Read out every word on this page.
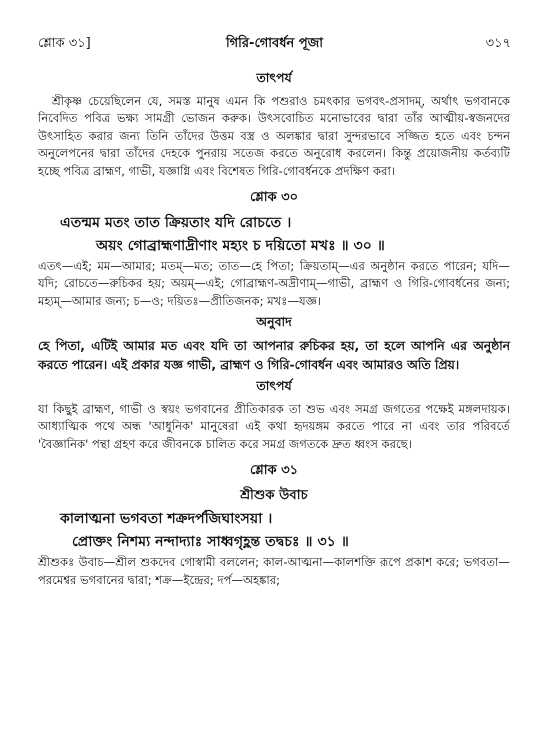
শ্লোক ৩১]	গিরি-গোবর্ধন পূজা	৩১৭
তাৎপর্য

শ্রীকৃষ্ণ চেয়েছিলেন যে, সমস্ত মানুষ এমন কি পশুরাও চমৎকার ভগবৎ-প্রসাদম্, অর্থাৎ ভগবানকে নিবেদিত পবিত্র ভক্ষ্য সামগ্রী ভোজন করুক। উৎসবোচিত মনোভাবের দ্বারা তাঁর আত্মীয়-স্বজনদের উৎসাহিত করার জন্য তিনি তাঁদের উত্তম বস্ত্র ও অলঙ্কার দ্বারা সুন্দরভাবে সজ্জিত হতে এবং চন্দন অনুলেপনের দ্বারা তাঁদের দেহকে পুনরায় সতেজ করতে অনুরোধ করলেন। কিন্তু প্রয়োজনীয় কর্তব্যটি হচ্ছে পবিত্র ব্রাহ্মণ, গাভী, যজ্ঞাগ্নি এবং বিশেষত গিরি-গোবর্ধনকে প্রদক্ষিণ করা।

শ্লোক ৩০
এতন্মম মতং তাত ক্রিয়তাং যদি রোচতে ।
অয়ং গোব্রাহ্মণাদ্রীণাং মহ্যং চ দয়িতো মখঃ ॥ ৩০ ॥

এতৎ—এই; মম—আমার; মতম্—মত; তাত—হে পিতা; ক্রিয়তাম্—এর অনুষ্ঠান করতে পারেন; যদি—যদি; রোচতে—রুচিকর হয়; অয়ম্—এই; গোব্রাহ্মণ-অদ্রীণাম্—গাভী, ব্রাহ্মণ ও গিরি-গোবর্ধনের জন্য; মহ্যম্—আমার জন্য; চ—ও; দয়িতঃ—প্রীতিজনক; মখঃ—যজ্ঞ।

অনুবাদ

হে পিতা, এটিই আমার মত এবং যদি তা আপনার রুচিকর হয়, তা হলে আপনি এর অনুষ্ঠান করতে পারেন। এই প্রকার যজ্ঞ গাভী, ব্রাহ্মণ ও গিরি-গোবর্ধন এবং আমারও অতি প্রিয়।

তাৎপর্য

যা কিছুই ব্রাহ্মণ, গাভী ও স্বয়ং ভগবানের প্রীতিকারক তা শুভ এবং সমগ্র জগতের পক্ষেই মঙ্গলদায়ক। আধ্যাত্মিক পথে অন্ধ 'আধুনিক' মানুষেরা এই কথা হৃদয়ঙ্গম করতে পারে না এবং তার পরিবর্তে 'বৈজ্ঞানিক' পন্থা গ্রহণ করে জীবনকে চালিত করে সমগ্র জগতকে দ্রুত ধ্বংস করছে।

শ্লোক ৩১
শ্রীশুক উবাচ
কালাত্মনা ভগবতা শক্রদর্পজিঘাংসয়া ।
প্রোক্তং নিশম্য নন্দাদ্যাঃ সাধ্বগৃহ্ণন্ত তদ্বচঃ ॥ ৩১ ॥

শ্রীশুকঃ উবাচ—শ্রীল শুকদেব গোস্বামী বললেন; কাল-আত্মনা—কালশক্তি রূপে প্রকাশ করে; ভগবতা—পরমেশ্বর ভগবানের দ্বারা; শক্র—ইন্দ্রের; দর্প—অহঙ্কার;
